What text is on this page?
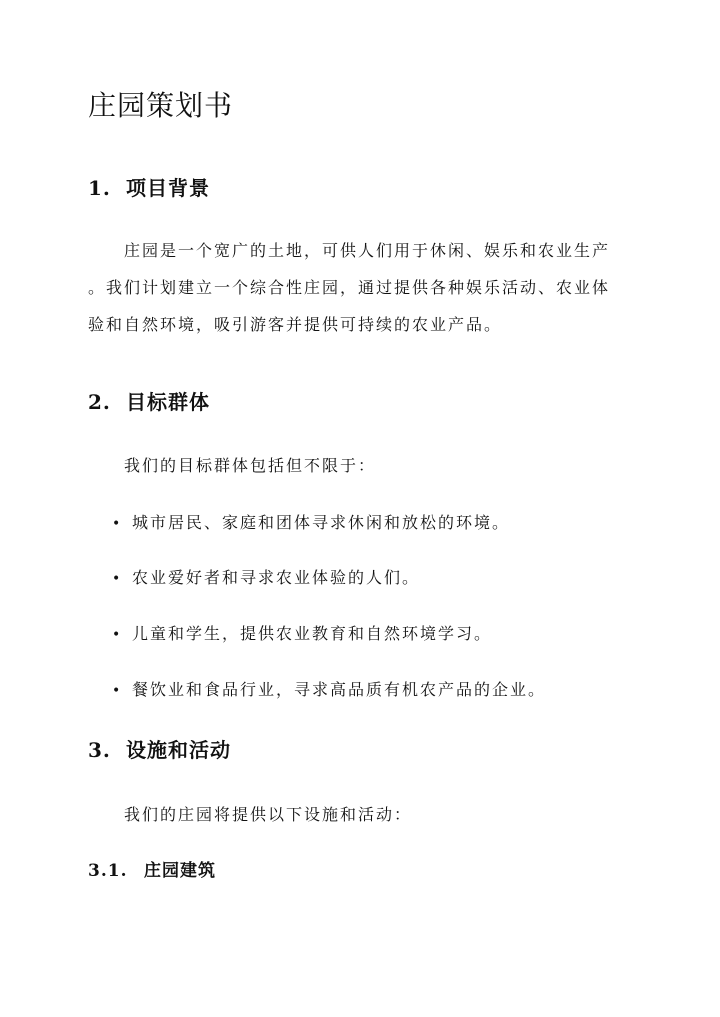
庄园策划书
1. 项目背景
庄园是一个宽广的土地，可供人们用于休闲、娱乐和农业生产
。我们计划建立一个综合性庄园，通过提供各种娱乐活动、农业体
验和自然环境，吸引游客并提供可持续的农业产品。
2. 目标群体

我们的目标群体包括但不限于：

• 城市居民、家庭和团体寻求休闲和放松的环境。
• 农业爱好者和寻求农业体验的人们。
• 儿童和学生，提供农业教育和自然环境学习。
• 餐饮业和食品行业，寻求高品质有机农产品的企业。
3. 设施和活动

我们的庄园将提供以下设施和活动：

3.1. 庄园建筑
